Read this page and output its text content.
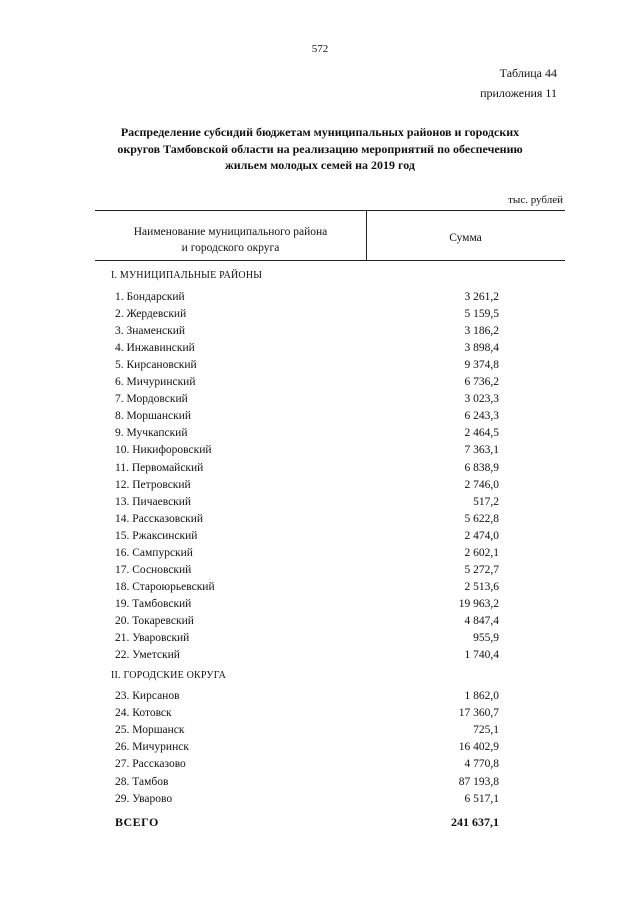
572
Таблица 44
приложения 11
Распределение субсидий бюджетам муниципальных районов и городских
округов Тамбовской области на реализацию мероприятий по обеспечению
жильем молодых семей на 2019 год
тыс. рублей
Наименование муниципального района
и городского округа
Сумма
I. МУНИЦИПАЛЬНЫЕ РАЙОНЫ
1. Бондарский	3 261,2
2. Жердевский	5 159,5
3. Знаменский	3 186,2
4. Инжавинский	3 898,4
5. Кирсановский	9 374,8
6. Мичуринский	6 736,2
7. Мордовский	3 023,3
8. Моршанский	6 243,3
9. Мучкапский	2 464,5
10. Никифоровский	7 363,1
11. Первомайский	6 838,9
12. Петровский	2 746,0
13. Пичаевский	517,2
14. Рассказовский	5 622,8
15. Ржаксинский	2 474,0
16. Сампурский	2 602,1
17. Сосновский	5 272,7
18. Староюрьевский	2 513,6
19. Тамбовский	19 963,2
20. Токаревский	4 847,4
21. Уваровский	955,9
22. Уметский	1 740,4
II. ГОРОДСКИЕ ОКРУГА
23. Кирсанов	1 862,0
24. Котовск	17 360,7
25. Моршанск	725,1
26. Мичуринск	16 402,9
27. Рассказово	4 770,8
28. Тамбов	87 193,8
29. Уварово	6 517,1
ВСЕГО	241 637,1
